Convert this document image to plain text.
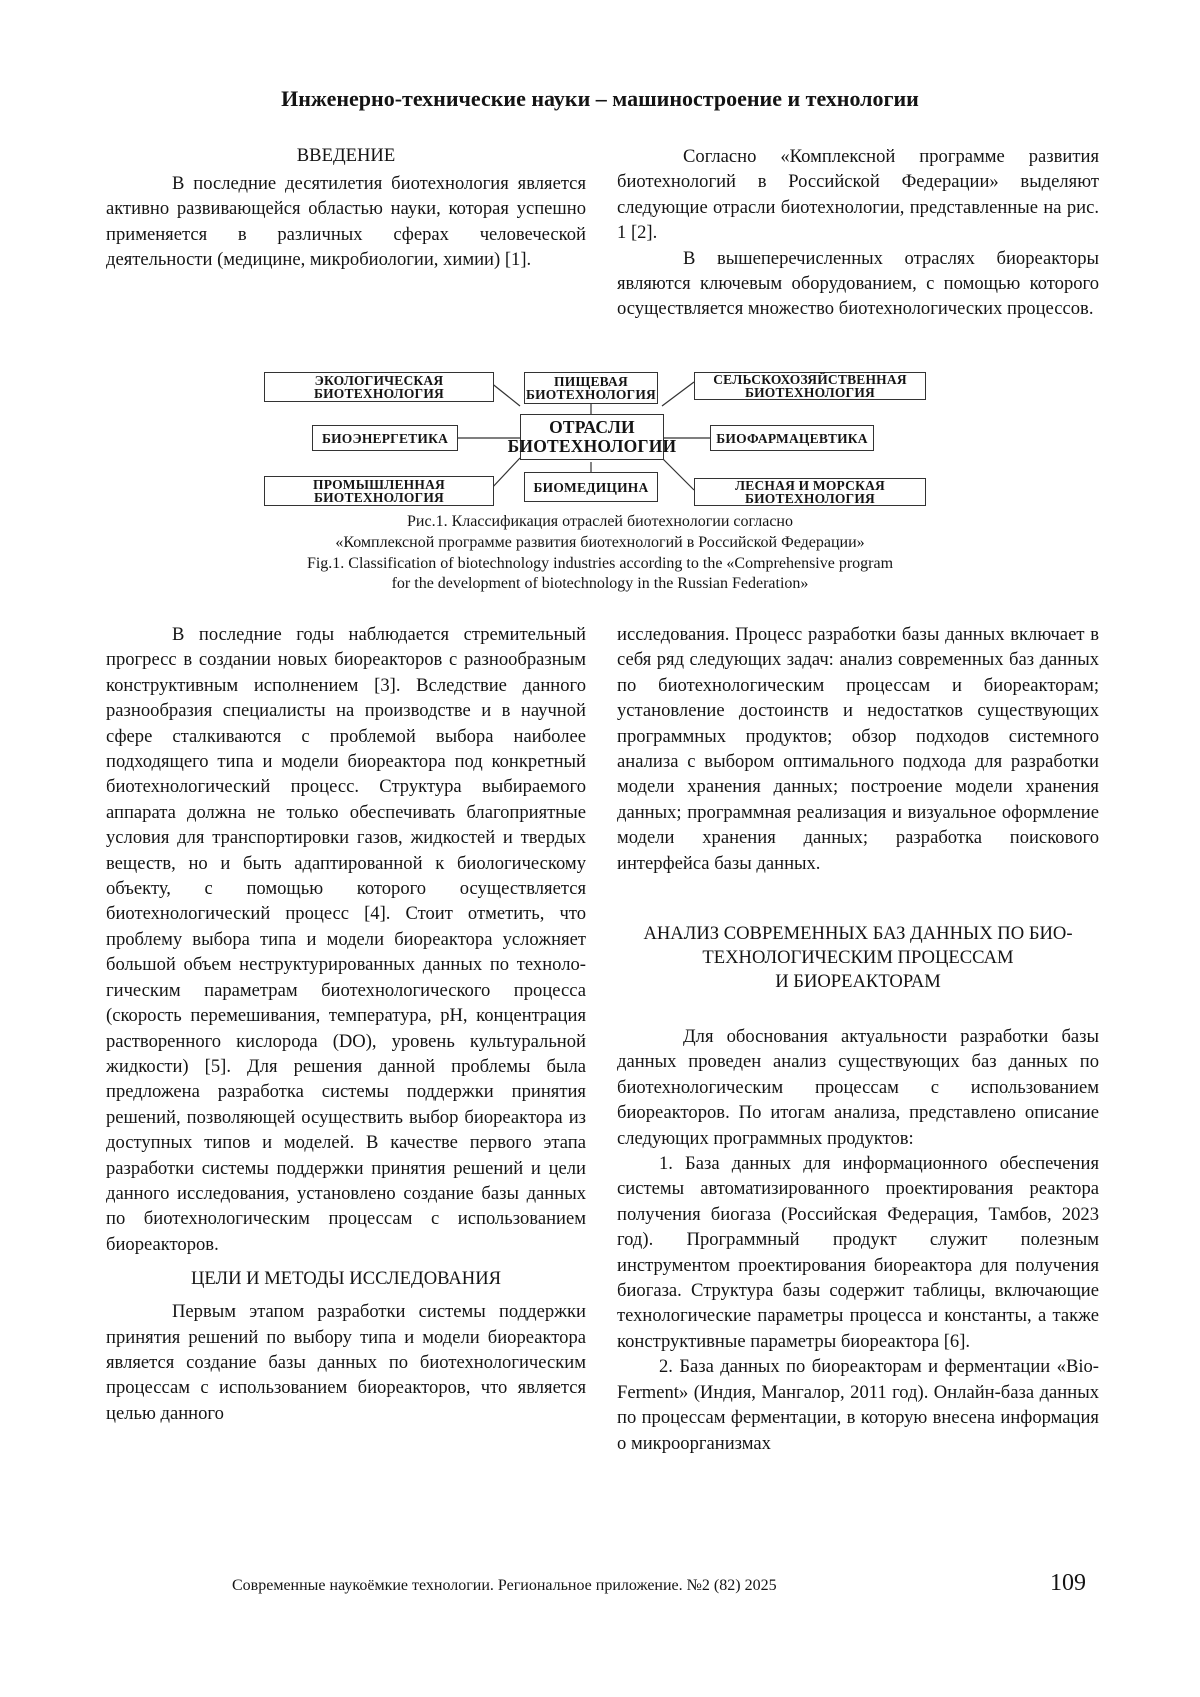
Инженерно-технические науки – машиностроение и технологии
ВВЕДЕНИЕ

В последние десятилетия биотехнология является активно развивающейся областью науки, которая успешно применяется в различных сферах человеческой деятельности (медицине, микробиологии, химии) [1].

Согласно «Комплексной программе развития биотехнологий в Российской Федерации» выделяют следующие отрасли биотехнологии, представленные на рис. 1 [2].

В вышеперечисленных отраслях биореакторы являются ключевым оборудованием, с помощью которого осуществляется множество биотехнологических процессов.

ЭКОЛОГИЧЕСКАЯ
БИОТЕХНОЛОГИЯ
ПИЩЕВАЯ
БИОТЕХНОЛОГИЯ
СЕЛЬСКОХОЗЯЙСТВЕННАЯ
БИОТЕХНОЛОГИЯ
БИОЭНЕРГЕТИКА
ОТРАСЛИ
БИОТЕХНОЛОГИИ	БИОФАРМАЦЕВТИКА
ПРОМЫШЛЕННАЯ
БИОТЕХНОЛОГИЯ
БИОМЕДИЦИНА	ЛЕСНАЯ И МОРСКАЯ
БИОТЕХНОЛОГИЯ
Рис.1. Классификация отраслей биотехнологии согласно
«Комплексной программе развития биотехнологий в Российской Федерации»
Fig.1. Classification of biotechnology industries according to the «Comprehensive program
for the development of biotechnology in the Russian Federation»

В последние годы наблюдается стремительный прогресс в создании новых биореакторов с разнообразным конструктивным исполнением [3]. Вследствие данного разнообразия специалисты на производстве и в научной сфере сталкиваются с проблемой выбора наиболее подходящего типа и модели биореактора под конкретный биотехнологический процесс. Структура выбираемого аппарата должна не только обеспечивать благоприятные условия для транспортировки газов, жидкостей и твердых веществ, но и быть адаптированной к биологическому объекту, с помощью которого осуществляется биотехнологический процесс [4]. Стоит отметить, что проблему выбора типа и модели биореактора усложняет большой объем неструктурированных данных по технологическим параметрам биотехнологического процесса (скорость перемешивания, температура, pH, концентрация растворенного кислорода (DO), уровень культуральной жидкости) [5]. Для решения данной проблемы была предложена разработка системы поддержки принятия решений, позволяющей осуществить выбор биореактора из доступных типов и моделей. В качестве первого этапа разработки системы поддержки принятия решений и цели данного исследования, установлено создание базы данных по биотехнологическим процессам с использованием биореакторов.

ЦЕЛИ И МЕТОДЫ ИССЛЕДОВАНИЯ

Первым этапом разработки системы поддержки принятия решений по выбору типа и модели биореактора является создание базы данных по биотехнологическим процессам с использованием биореакторов, что является целью данного

исследования. Процесс разработки базы данных включает в себя ряд следующих задач: анализ современных баз данных по биотехнологическим процессам и биореакторам; установление достоинств и недостатков существующих программных продуктов; обзор подходов системного анализа с выбором оптимального подхода для разработки модели хранения данных; построение модели хранения данных; программная реализация и визуальное оформление модели хранения данных; разработка поискового интерфейса базы данных.

АНАЛИЗ СОВРЕМЕННЫХ БАЗ ДАННЫХ ПО БИО-
ТЕХНОЛОГИЧЕСКИМ ПРОЦЕССАМ
И БИОРЕАКТОРАМ

Для обоснования актуальности разработки базы данных проведен анализ существующих баз данных по биотехнологическим процессам с использованием биореакторов. По итогам анализа, представлено описание следующих программных продуктов:

1. База данных для информационного обеспечения системы автоматизированного проектирования реактора получения биогаза (Российская Федерация, Тамбов, 2023 год). Программный продукт служит полезным инструментом проектирования биореактора для получения биогаза. Структура базы содержит таблицы, включающие технологические параметры процесса и константы, а также конструктивные параметры биореактора [6].

2. База данных по биореакторам и ферментации «Bio-Ferment» (Индия, Мангалор, 2011 год). Онлайн-база данных по процессам ферментации, в которую внесена информация о микроорганизмах

Современные наукоёмкие технологии. Региональное приложение. №2 (82) 2025	109
